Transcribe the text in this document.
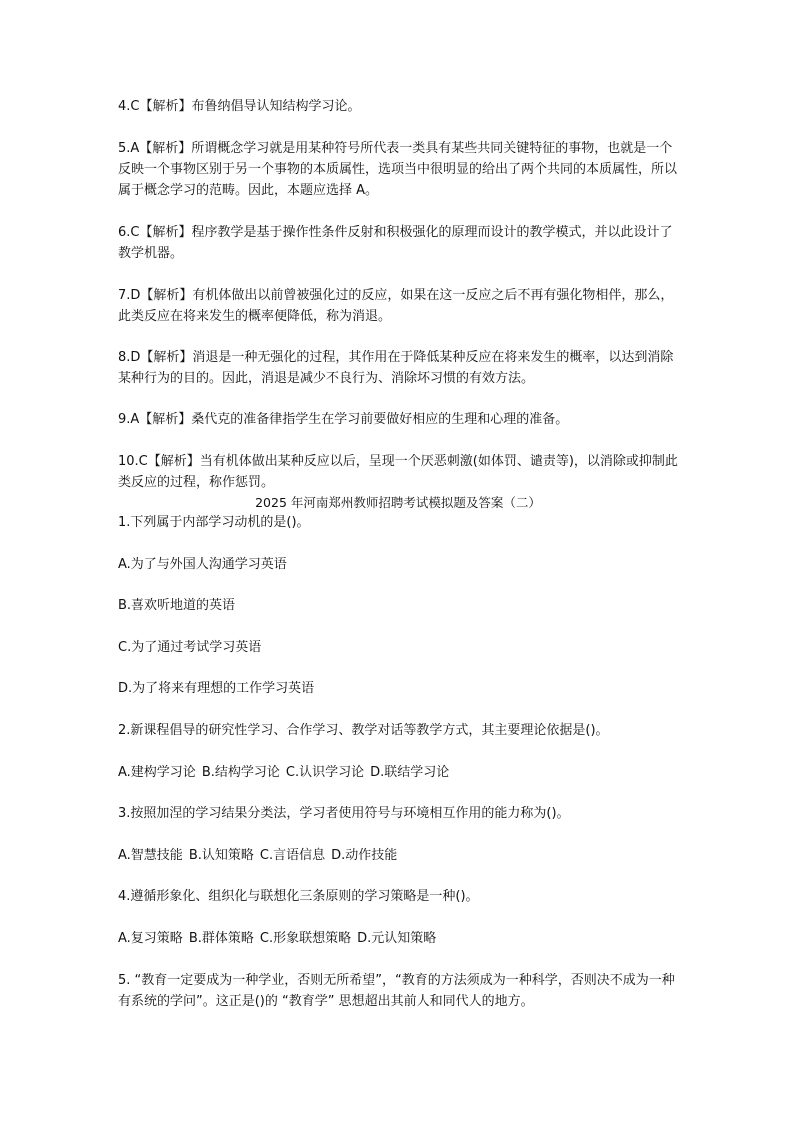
4.C【解析】布鲁纳倡导认知结构学习论。

5.A【解析】所谓概念学习就是用某种符号所代表一类具有某些共同关键特征的事物，也就是一个反映一个事物区别于另一个事物的本质属性，选项当中很明显的给出了两个共同的本质属性，所以属于概念学习的范畴。因此，本题应选择 A。

6.C【解析】程序教学是基于操作性条件反射和积极强化的原理而设计的教学模式，并以此设计了教学机器。

7.D【解析】有机体做出以前曾被强化过的反应，如果在这一反应之后不再有强化物相伴，那么，此类反应在将来发生的概率便降低，称为消退。

8.D【解析】消退是一种无强化的过程，其作用在于降低某种反应在将来发生的概率，以达到消除某种行为的目的。因此，消退是减少不良行为、消除坏习惯的有效方法。

9.A【解析】桑代克的准备律指学生在学习前要做好相应的生理和心理的准备。

10.C【解析】当有机体做出某种反应以后，呈现一个厌恶刺激(如体罚、谴责等)，以消除或抑制此类反应的过程，称作惩罚。

2025 年河南郑州教师招聘考试模拟题及答案（二）

1.下列属于内部学习动机的是()。

A.为了与外国人沟通学习英语

B.喜欢听地道的英语

C.为了通过考试学习英语

D.为了将来有理想的工作学习英语

2.新课程倡导的研究性学习、合作学习、教学对话等教学方式，其主要理论依据是()。

A.建构学习论 B.结构学习论 C.认识学习论 D.联结学习论

3.按照加涅的学习结果分类法，学习者使用符号与环境相互作用的能力称为()。

A.智慧技能 B.认知策略 C.言语信息 D.动作技能

4.遵循形象化、组织化与联想化三条原则的学习策略是一种()。

A.复习策略 B.群体策略 C.形象联想策略 D.元认知策略

5. “教育一定要成为一种学业，否则无所希望”，“教育的方法须成为一种科学，否则决不成为一种有系统的学问”。这正是()的 “教育学” 思想超出其前人和同代人的地方。
